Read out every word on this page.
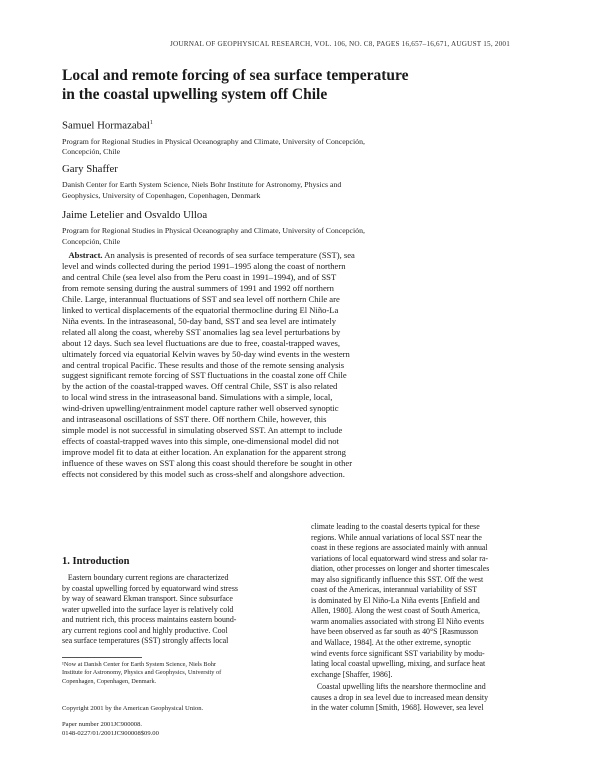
JOURNAL OF GEOPHYSICAL RESEARCH, VOL. 106, NO. C8, PAGES 16,657–16,671, AUGUST 15, 2001
Local and remote forcing of sea surface temperature
in the coastal upwelling system off Chile
Samuel Hormazabal$^1$
Program for Regional Studies in Physical Oceanography and Climate, University of Concepción,
Concepción, Chile
Gary Shaffer
Danish Center for Earth System Science, Niels Bohr Institute for Astronomy, Physics and
Geophysics, University of Copenhagen, Copenhagen, Denmark
Jaime Letelier and Osvaldo Ulloa
Program for Regional Studies in Physical Oceanography and Climate, University of Concepción,
Concepción, Chile
Abstract. An analysis is presented of records of sea surface temperature (SST), sea
level and winds collected during the period 1991–1995 along the coast of northern
and central Chile (sea level also from the Peru coast in 1991–1994), and of SST
from remote sensing during the austral summers of 1991 and 1992 off northern
Chile. Large, interannual fluctuations of SST and sea level off northern Chile are
linked to vertical displacements of the equatorial thermocline during El Niño-La
Niña events. In the intraseasonal, 50-day band, SST and sea level are intimately
related all along the coast, whereby SST anomalies lag sea level perturbations by
about 12 days. Such sea level fluctuations are due to free, coastal-trapped waves,
ultimately forced via equatorial Kelvin waves by 50-day wind events in the western
and central tropical Pacific. These results and those of the remote sensing analysis
suggest significant remote forcing of SST fluctuations in the coastal zone off Chile
by the action of the coastal-trapped waves. Off central Chile, SST is also related
to local wind stress in the intraseasonal band. Simulations with a simple, local,
wind-driven upwelling/entrainment model capture rather well observed synoptic
and intraseasonal oscillations of SST there. Off northern Chile, however, this
simple model is not successful in simulating observed SST. An attempt to include
effects of coastal-trapped waves into this simple, one-dimensional model did not
improve model fit to data at either location. An explanation for the apparent strong
influence of these waves on SST along this coast should therefore be sought in other
effects not considered by this model such as cross-shelf and alongshore advection.
1. Introduction
Eastern boundary current regions are characterized
by coastal upwelling forced by equatorward wind stress
by way of seaward Ekman transport. Since subsurface
water upwelled into the surface layer is relatively cold
and nutrient rich, this process maintains eastern bound-
ary current regions cool and highly productive. Cool
sea surface temperatures (SST) strongly affects local
¹Now at Danish Center for Earth System Science, Niels Bohr
Institute for Astronomy, Physics and Geophysics, University of
Copenhagen, Copenhagen, Denmark.
Copyright 2001 by the American Geophysical Union.
Paper number 2001JC900008.
0148-0227/01/2001JC900008$09.00
climate leading to the coastal deserts typical for these
regions. While annual variations of local SST near the
coast in these regions are associated mainly with annual
variations of local equatorward wind stress and solar ra-
diation, other processes on longer and shorter timescales
may also significantly influence this SST. Off the west
coast of the Americas, interannual variability of SST
is dominated by El Niño-La Niña events [Enfield and
Allen, 1980]. Along the west coast of South America,
warm anomalies associated with strong El Niño events
have been observed as far south as 40°S [Rasmusson
and Wallace, 1984]. At the other extreme, synoptic
wind events force significant SST variability by modu-
lating local coastal upwelling, mixing, and surface heat
exchange [Shaffer, 1986].
Coastal upwelling lifts the nearshore thermocline and
causes a drop in sea level due to increased mean density
in the water column [Smith, 1968]. However, sea level
